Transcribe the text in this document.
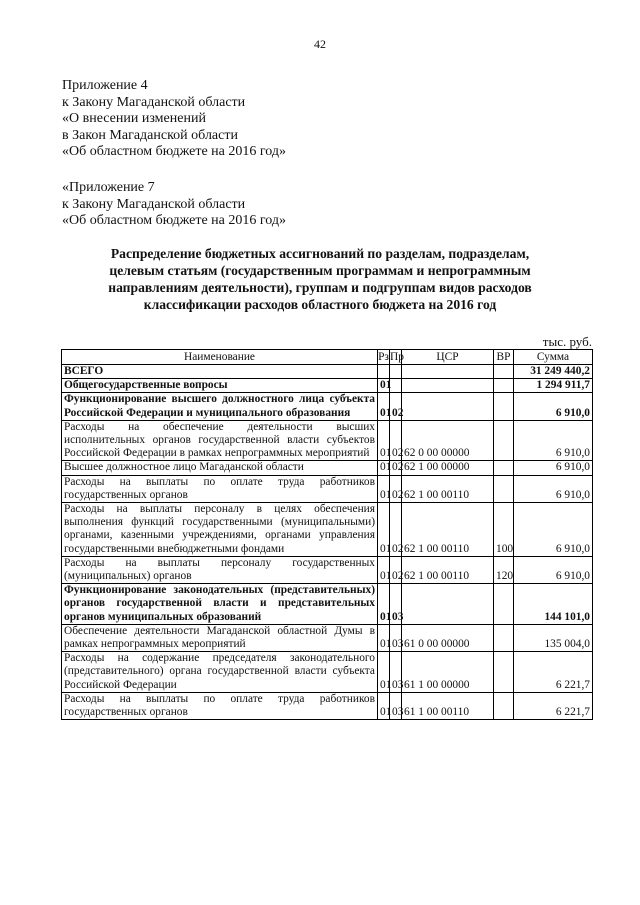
42
Приложение 4
к Закону Магаданской области
«О внесении изменений
в Закон Магаданской области
«Об областном бюджете на 2016 год»
«Приложение 7
к Закону Магаданской области
«Об областном бюджете на 2016 год»
Распределение бюджетных ассигнований по разделам, подразделам,
целевым статьям (государственным программам и непрограммным
направлениям деятельности), группам и подгруппам видов расходов
классификации расходов областного бюджета на 2016 год
тыс. руб.
Наименование	Рз	Пр	ЦСР	ВР	Сумма
ВСЕГО					31 249 440,2
Общегосударственные вопросы	01				1 294 911,7
Функционирование высшего должностного лица субъекта Российской Федерации и муниципального образования	01	02			6 910,0
Расходы на обеспечение деятельности высших исполнительных органов государственной власти субъектов Российской Федерации в рамках непрограммных мероприятий	01	02	62 0 00 00000		6 910,0
Высшее должностное лицо Магаданской области	01	02	62 1 00 00000		6 910,0
Расходы на выплаты по оплате труда работников государственных органов	01	02	62 1 00 00110		6 910,0
Расходы на выплаты персоналу в целях обеспечения выполнения функций государственными (муниципальными) органами, казенными учреждениями, органами управления государственными внебюджетными фондами	01	02	62 1 00 00110	100	6 910,0
Расходы на выплаты персоналу государственных (муниципальных) органов	01	02	62 1 00 00110	120	6 910,0
Функционирование законодательных (представительных) органов государственной власти и представительных органов муниципальных образований	01	03			144 101,0
Обеспечение деятельности Магаданской областной Думы в рамках непрограммных мероприятий	01	03	61 0 00 00000		135 004,0
Расходы на содержание председателя законодательного (представительного) органа государственной власти субъекта Российской Федерации	01	03	61 1 00 00000		6 221,7
Расходы на выплаты по оплате труда работников государственных органов	01	03	61 1 00 00110		6 221,7
